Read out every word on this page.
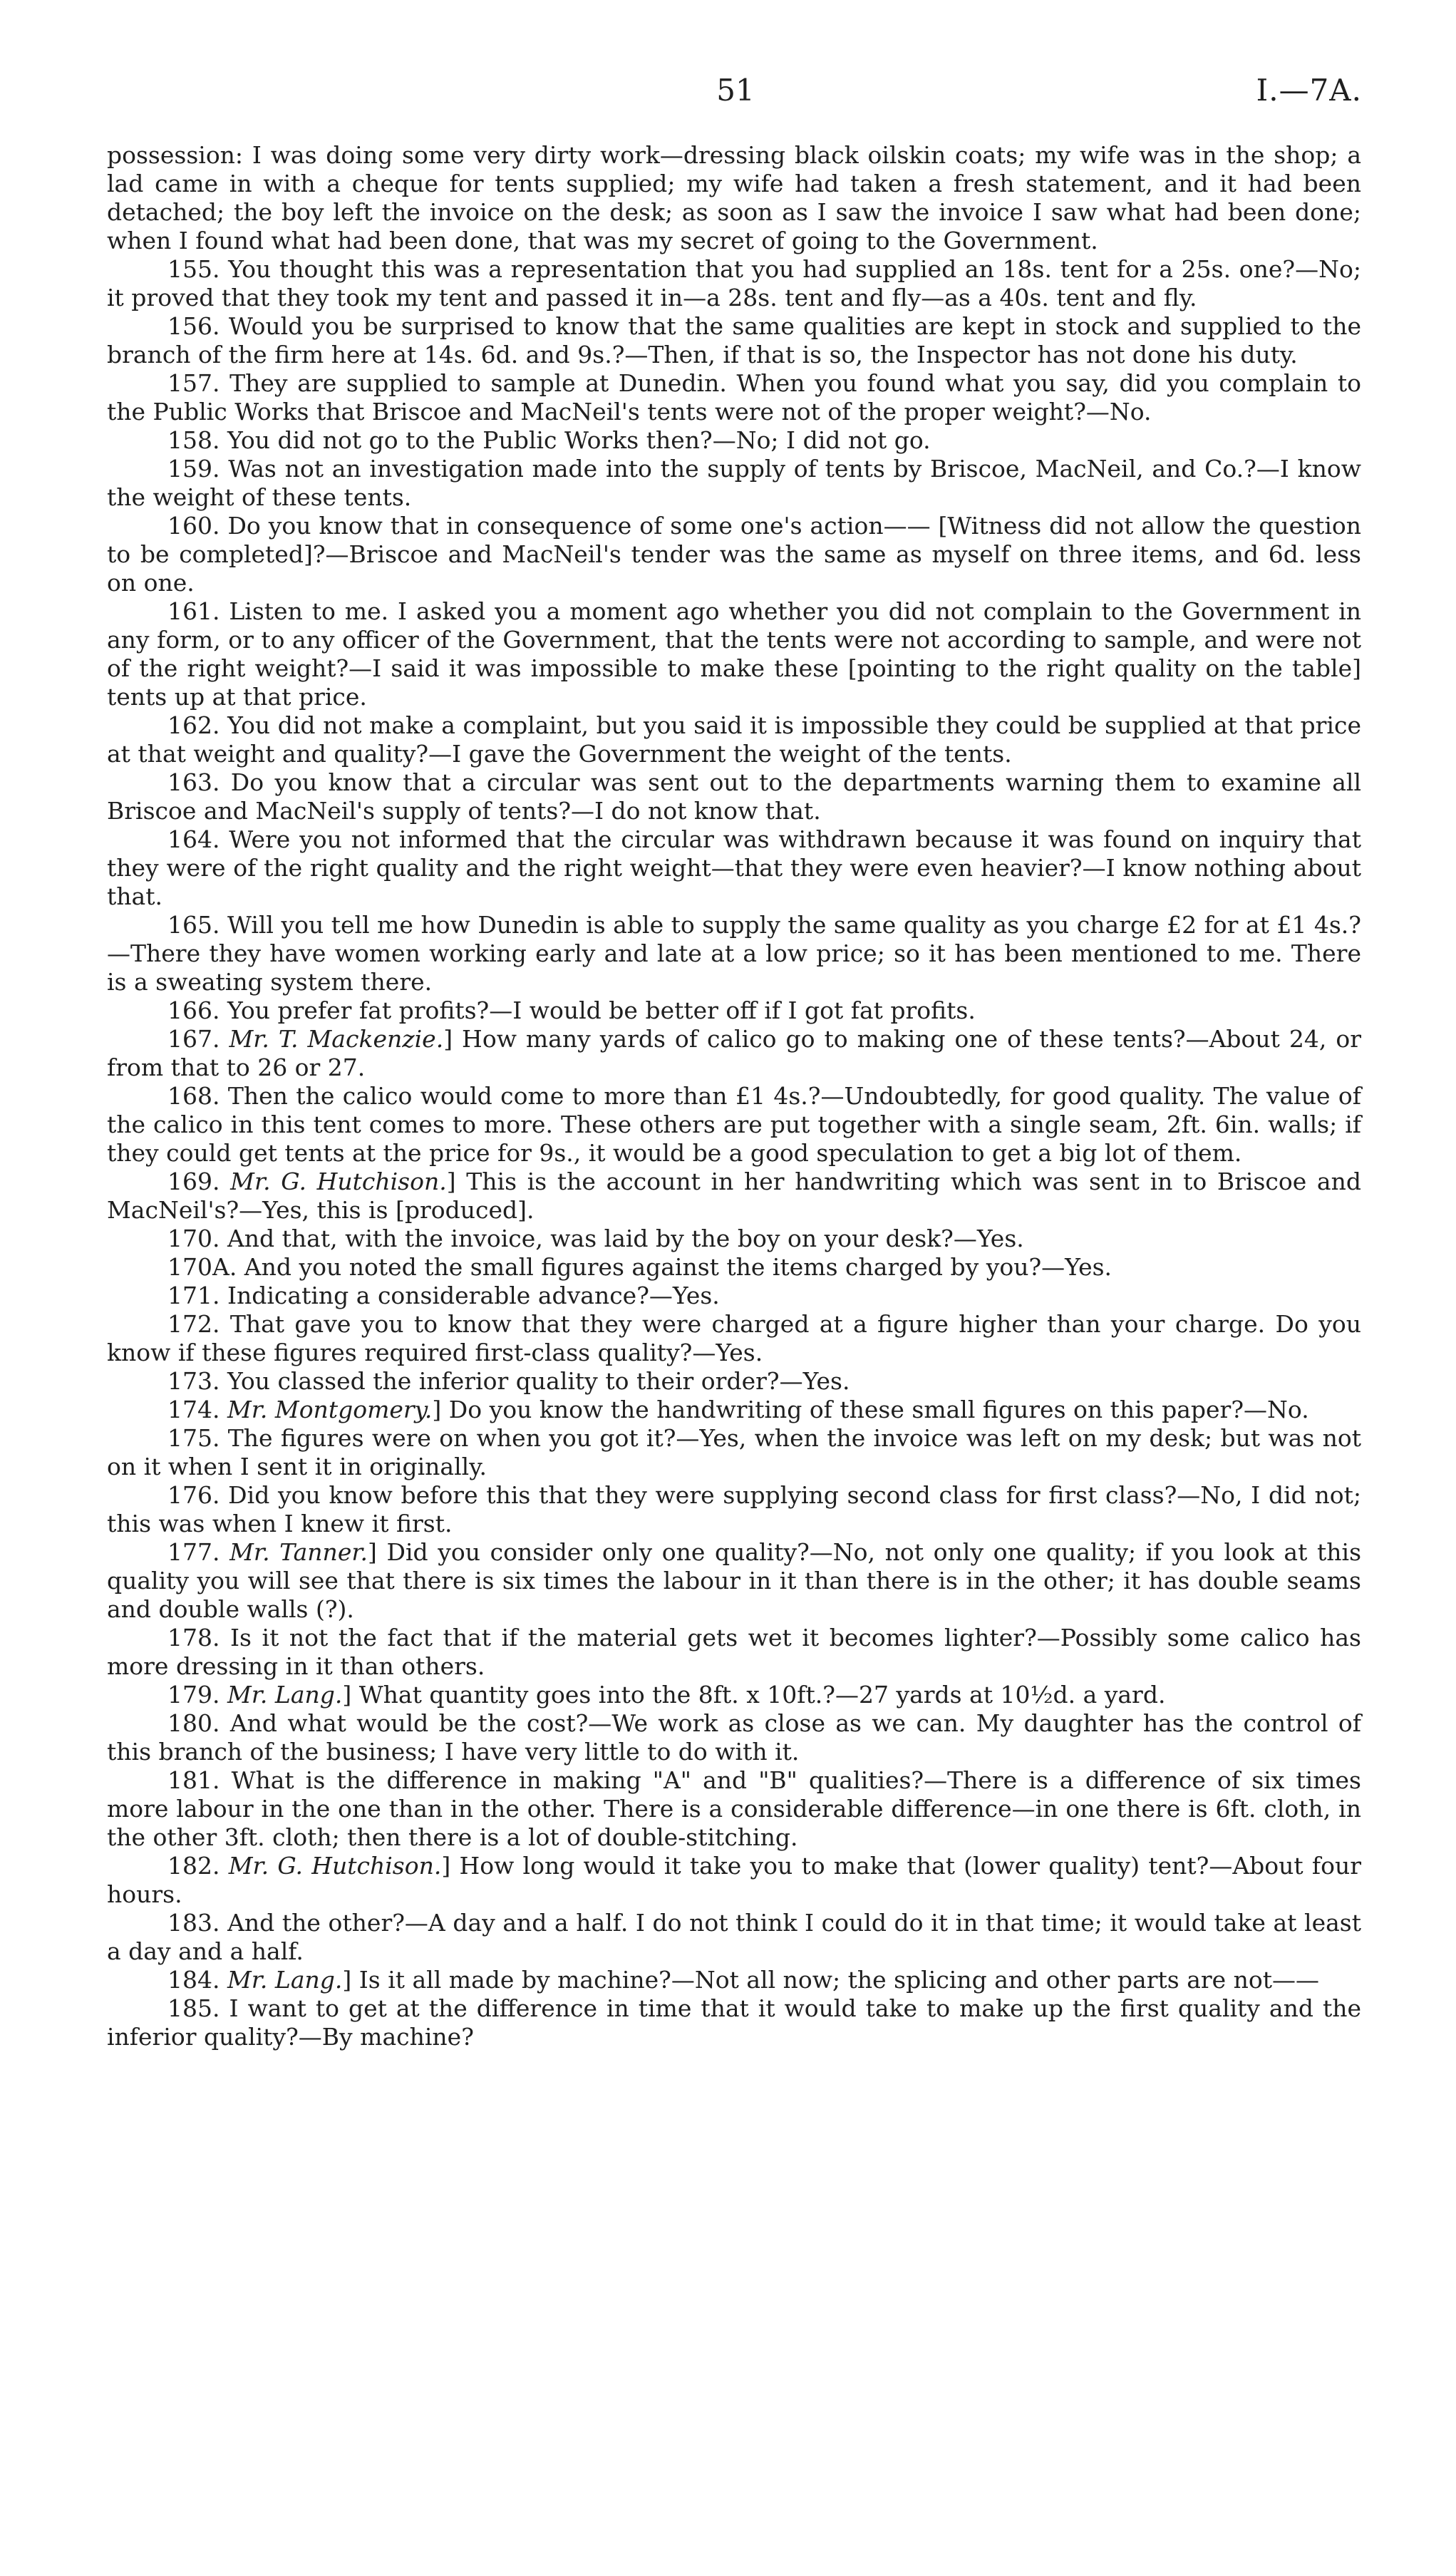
51	I.—7A.

possession: I was doing some very dirty work—dressing black oilskin coats; my wife was in the shop; a lad came in with a cheque for tents supplied; my wife had taken a fresh statement, and it had been detached; the boy left the invoice on the desk; as soon as I saw the invoice I saw what had been done; when I found what had been done, that was my secret of going to the Government.

155. You thought this was a representation that you had supplied an 18s. tent for a 25s. one?—No; it proved that they took my tent and passed it in—a 28s. tent and fly—as a 40s. tent and fly.

156. Would you be surprised to know that the same qualities are kept in stock and supplied to the branch of the firm here at 14s. 6d. and 9s.?—Then, if that is so, the Inspector has not done his duty.

157. They are supplied to sample at Dunedin. When you found what you say, did you complain to the Public Works that Briscoe and MacNeil's tents were not of the proper weight?—No.

158. You did not go to the Public Works then?—No; I did not go.

159. Was not an investigation made into the supply of tents by Briscoe, MacNeil, and Co.?—I know the weight of these tents.

160. Do you know that in consequence of some one's action—— [Witness did not allow the question to be completed]?—Briscoe and MacNeil's tender was the same as myself on three items, and 6d. less on one.

161. Listen to me. I asked you a moment ago whether you did not complain to the Government in any form, or to any officer of the Government, that the tents were not according to sample, and were not of the right weight?—I said it was impossible to make these [pointing to the right quality on the table] tents up at that price.

162. You did not make a complaint, but you said it is impossible they could be supplied at that price at that weight and quality?—I gave the Government the weight of the tents.

163. Do you know that a circular was sent out to the departments warning them to examine all Briscoe and MacNeil's supply of tents?—I do not know that.

164. Were you not informed that the circular was withdrawn because it was found on inquiry that they were of the right quality and the right weight—that they were even heavier?—I know nothing about that.

165. Will you tell me how Dunedin is able to supply the same quality as you charge £2 for at £1 4s.?—There they have women working early and late at a low price; so it has been mentioned to me. There is a sweating system there.

166. You prefer fat profits?—I would be better off if I got fat profits.

167. Mr. T. Mackenzie.] How many yards of calico go to making one of these tents?—About 24, or from that to 26 or 27.

168. Then the calico would come to more than £1 4s.?—Undoubtedly, for good quality. The value of the calico in this tent comes to more. These others are put together with a single seam, 2ft. 6in. walls; if they could get tents at the price for 9s., it would be a good speculation to get a big lot of them.

169. Mr. G. Hutchison.] This is the account in her handwriting which was sent in to Briscoe and MacNeil's?—Yes, this is [produced].

170. And that, with the invoice, was laid by the boy on your desk?—Yes.

170A. And you noted the small figures against the items charged by you?—Yes.

171. Indicating a considerable advance?—Yes.

172. That gave you to know that they were charged at a figure higher than your charge. Do you know if these figures required first-class quality?—Yes.

173. You classed the inferior quality to their order?—Yes.

174. Mr. Montgomery.] Do you know the handwriting of these small figures on this paper?—No.

175. The figures were on when you got it?—Yes, when the invoice was left on my desk; but was not on it when I sent it in originally.

176. Did you know before this that they were supplying second class for first class?—No, I did not; this was when I knew it first.

177. Mr. Tanner.] Did you consider only one quality?—No, not only one quality; if you look at this quality you will see that there is six times the labour in it than there is in the other; it has double seams and double walls (?).

178. Is it not the fact that if the material gets wet it becomes lighter?—Possibly some calico has more dressing in it than others.

179. Mr. Lang.] What quantity goes into the 8ft. x 10ft.?—27 yards at 10½d. a yard.

180. And what would be the cost?—We work as close as we can. My daughter has the control of this branch of the business; I have very little to do with it.

181. What is the difference in making "A" and "B" qualities?—There is a difference of six times more labour in the one than in the other. There is a considerable difference—in one there is 6ft. cloth, in the other 3ft. cloth; then there is a lot of double-stitching.

182. Mr. G. Hutchison.] How long would it take you to make that (lower quality) tent?—About four hours.

183. And the other?—A day and a half. I do not think I could do it in that time; it would take at least a day and a half.

184. Mr. Lang.] Is it all made by machine?—Not all now; the splicing and other parts are not——

185. I want to get at the difference in time that it would take to make up the first quality and the inferior quality?—By machine?
